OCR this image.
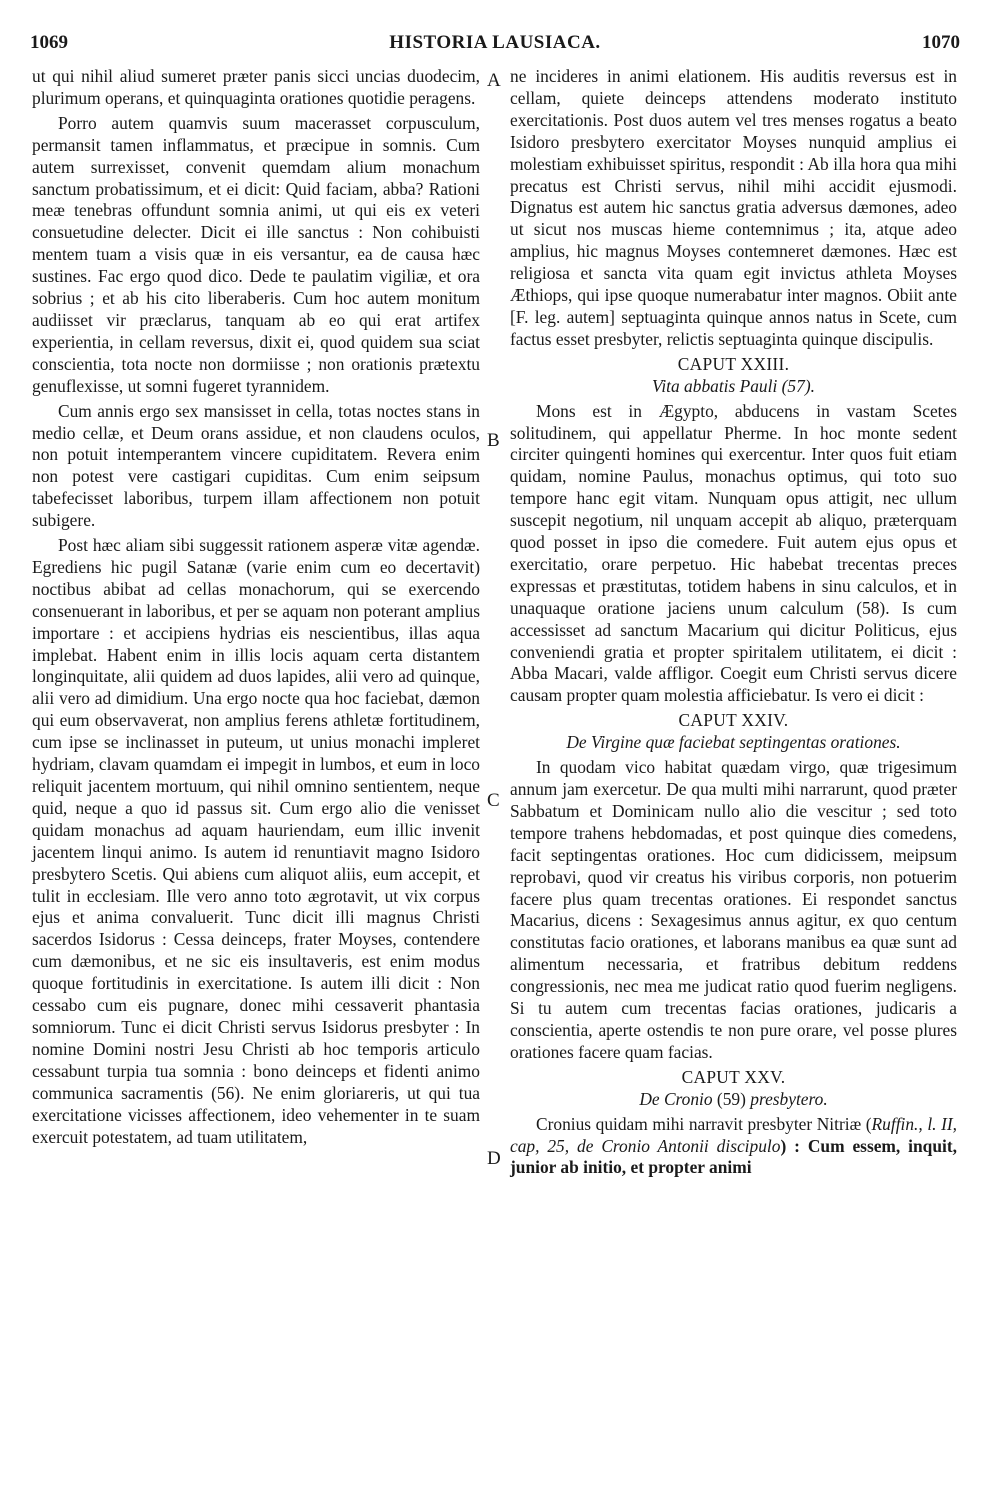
1069	HISTORIA LAUSIACA.	1070
A
B
C
D

ut qui nihil aliud sumeret præter panis sicci uncias duodecim, plurimum operans, et quinquaginta orationes quotidie peragens.

Porro autem quamvis suum macerasset corpusculum, permansit tamen inflammatus, et præcipue in somnis. Cum autem surrexisset, convenit quemdam alium monachum sanctum probatissimum, et ei dicit: Quid faciam, abba? Rationi meæ tenebras offundunt somnia animi, ut qui eis ex veteri consuetudine delecter. Dicit ei ille sanctus : Non cohibuisti mentem tuam a visis quæ in eis versantur, ea de causa hæc sustines. Fac ergo quod dico. Dede te paulatim vigiliæ, et ora sobrius ; et ab his cito liberaberis. Cum hoc autem monitum audiisset vir præclarus, tanquam ab eo qui erat artifex experientia, in cellam reversus, dixit ei, quod quidem sua sciat conscientia, tota nocte non dormiisse ; non orationis prætextu genuflexisse, ut somni fugeret tyrannidem.

Cum annis ergo sex mansisset in cella, totas noctes stans in medio cellæ, et Deum orans assidue, et non claudens oculos, non potuit intemperantem vincere cupiditatem. Revera enim non potest vere castigari cupiditas. Cum enim seipsum tabefecisset laboribus, turpem illam affectionem non potuit subigere.

Post hæc aliam sibi suggessit rationem asperæ vitæ agendæ. Egrediens hic pugil Satanæ (varie enim cum eo decertavit) noctibus abibat ad cellas monachorum, qui se exercendo consenuerant in laboribus, et per se aquam non poterant amplius importare : et accipiens hydrias eis nescientibus, illas aqua implebat. Habent enim in illis locis aquam certa distantem longinquitate, alii quidem ad duos lapides, alii vero ad quinque, alii vero ad dimidium. Una ergo nocte qua hoc faciebat, dæmon qui eum observaverat, non amplius ferens athletæ fortitudinem, cum ipse se inclinasset in puteum, ut unius monachi impleret hydriam, clavam quamdam ei impegit in lumbos, et eum in loco reliquit jacentem mortuum, qui nihil omnino sentientem, neque quid, neque a quo id passus sit. Cum ergo alio die venisset quidam monachus ad aquam hauriendam, eum illic invenit jacentem linqui animo. Is autem id renuntiavit magno Isidoro presbytero Scetis. Qui abiens cum aliquot aliis, eum accepit, et tulit in ecclesiam. Ille vero anno toto ægrotavit, ut vix corpus ejus et anima convaluerit. Tunc dicit illi magnus Christi sacerdos Isidorus : Cessa deinceps, frater Moyses, contendere cum dæmonibus, et ne sic eis insultaveris, est enim modus quoque fortitudinis in exercitatione. Is autem illi dicit : Non cessabo cum eis pugnare, donec mihi cessaverit phantasia somniorum. Tunc ei dicit Christi servus Isidorus presbyter : In nomine Domini nostri Jesu Christi ab hoc temporis articulo cessabunt turpia tua somnia : bono deinceps et fidenti animo communica sacramentis (56). Ne enim gloriareris, ut qui tua exercitatione vicisses affectionem, ideo vehementer in te suam exercuit potestatem, ad tuam utilitatem,

ne incideres in animi elationem. His auditis reversus est in cellam, quiete deinceps attendens moderato instituto exercitationis. Post duos autem vel tres menses rogatus a beato Isidoro presbytero exercitator Moyses nunquid amplius ei molestiam exhibuisset spiritus, respondit : Ab illa hora qua mihi precatus est Christi servus, nihil mihi accidit ejusmodi. Dignatus est autem hic sanctus gratia adversus dæmones, adeo ut sicut nos muscas hieme contemnimus ; ita, atque adeo amplius, hic magnus Moyses contemneret dæmones. Hæc est religiosa et sancta vita quam egit invictus athleta Moyses Æthiops, qui ipse quoque numerabatur inter magnos. Obiit ante [F. leg. autem] septuaginta quinque annos natus in Scete, cum factus esset presbyter, relictis septuaginta quinque discipulis.

CAPUT XXIII.
Vita abbatis Pauli (57).

Mons est in Ægypto, abducens in vastam Scetes solitudinem, qui appellatur Pherme. In hoc monte sedent circiter quingenti homines qui exercentur. Inter quos fuit etiam quidam, nomine Paulus, monachus optimus, qui toto suo tempore hanc egit vitam. Nunquam opus attigit, nec ullum suscepit negotium, nil unquam accepit ab aliquo, præterquam quod posset in ipso die comedere. Fuit autem ejus opus et exercitatio, orare perpetuo. Hic habebat trecentas preces expressas et præstitutas, totidem habens in sinu calculos, et in unaquaque oratione jaciens unum calculum (58). Is cum accessisset ad sanctum Macarium qui dicitur Politicus, ejus conveniendi gratia et propter spiritalem utilitatem, ei dicit : Abba Macari, valde affligor. Coegit eum Christi servus dicere causam propter quam molestia afficiebatur. Is vero ei dicit :

CAPUT XXIV.
De Virgine quæ faciebat septingentas orationes.

In quodam vico habitat quædam virgo, quæ trigesimum annum jam exercetur. De qua multi mihi narrarunt, quod præter Sabbatum et Dominicam nullo alio die vescitur ; sed toto tempore trahens hebdomadas, et post quinque dies comedens, facit septingentas orationes. Hoc cum didicissem, meipsum reprobavi, quod vir creatus his viribus corporis, non potuerim facere plus quam trecentas orationes. Ei respondet sanctus Macarius, dicens : Sexagesimus annus agitur, ex quo centum constitutas facio orationes, et laborans manibus ea quæ sunt ad alimentum necessaria, et fratribus debitum reddens congressionis, nec mea me judicat ratio quod fuerim negligens. Si tu autem cum trecentas facias orationes, judicaris a conscientia, aperte ostendis te non pure orare, vel posse plures orationes facere quam facias.

CAPUT XXV.
De Cronio (59) presbytero.

Cronius quidam mihi narravit presbyter Nitriæ (Ruffin., l. II, cap, 25, de Cronio Antonii discipulo) : Cum essem, inquit, junior ab initio, et propter animi
